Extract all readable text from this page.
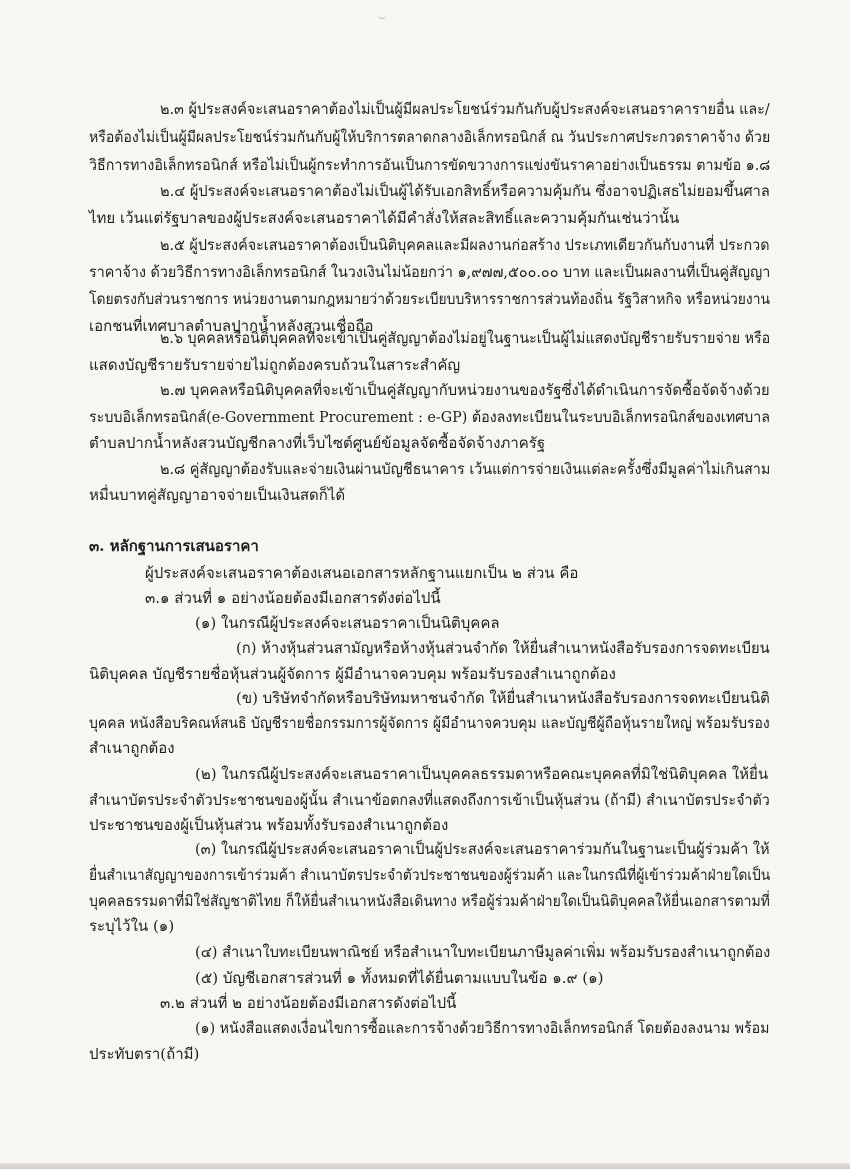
๒.๓ ผู้ประสงค์จะเสนอราคาต้องไม่เป็นผู้มีผลประโยชน์ร่วมกันกับผู้ประสงค์จะเสนอราคารายอื่น และ/
หรือต้องไม่เป็นผู้มีผลประโยชน์ร่วมกันกับผู้ให้บริการตลาดกลางอิเล็กทรอนิกส์ ณ วันประกาศประกวดราคาจ้าง ด้วย
วิธีการทางอิเล็กทรอนิกส์ หรือไม่เป็นผู้กระทำการอันเป็นการขัดขวางการแข่งขันราคาอย่างเป็นธรรม ตามข้อ ๑.๘
๒.๔ ผู้ประสงค์จะเสนอราคาต้องไม่เป็นผู้ได้รับเอกสิทธิ์หรือความคุ้มกัน ซึ่งอาจปฏิเสธไม่ยอมขึ้นศาล
ไทย เว้นแต่รัฐบาลของผู้ประสงค์จะเสนอราคาได้มีคำสั่งให้สละสิทธิ์และความคุ้มกันเช่นว่านั้น
๒.๕ ผู้ประสงค์จะเสนอราคาต้องเป็นนิติบุคคลและมีผลงานก่อสร้าง ประเภทเดียวกันกับงานที่ ประกวด
ราคาจ้าง ด้วยวิธีการทางอิเล็กทรอนิกส์ ในวงเงินไม่น้อยกว่า ๑,๙๗๗,๕๐๐.๐๐ บาท และเป็นผลงานที่เป็นคู่สัญญา
โดยตรงกับส่วนราชการ หน่วยงานตามกฎหมายว่าด้วยระเบียบบริหารราชการส่วนท้องถิ่น รัฐวิสาหกิจ หรือหน่วยงาน
เอกชนที่เทศบาลตำบลปากน้ำหลังสวนเชื่อถือ
๒.๖ บุคคลหรือนิติบุคคลที่จะเข้าเป็นคู่สัญญาต้องไม่อยู่ในฐานะเป็นผู้ไม่แสดงบัญชีรายรับรายจ่าย หรือ
แสดงบัญชีรายรับรายจ่ายไม่ถูกต้องครบถ้วนในสาระสำคัญ
๒.๗ บุคคลหรือนิติบุคคลที่จะเข้าเป็นคู่สัญญากับหน่วยงานของรัฐซึ่งได้ดำเนินการจัดซื้อจัดจ้างด้วย
ระบบอิเล็กทรอนิกส์(e-Government Procurement : e-GP) ต้องลงทะเบียนในระบบอิเล็กทรอนิกส์ของเทศบาล
ตำบลปากน้ำหลังสวนบัญชีกลางที่เว็บไซต์ศูนย์ข้อมูลจัดซื้อจัดจ้างภาครัฐ
๒.๘ คู่สัญญาต้องรับและจ่ายเงินผ่านบัญชีธนาคาร เว้นแต่การจ่ายเงินแต่ละครั้งซึ่งมีมูลค่าไม่เกินสาม
หมื่นบาทคู่สัญญาอาจจ่ายเป็นเงินสดก็ได้
๓. หลักฐานการเสนอราคา
ผู้ประสงค์จะเสนอราคาต้องเสนอเอกสารหลักฐานแยกเป็น ๒ ส่วน คือ
๓.๑ ส่วนที่ ๑ อย่างน้อยต้องมีเอกสารดังต่อไปนี้
(๑) ในกรณีผู้ประสงค์จะเสนอราคาเป็นนิติบุคคล
(ก) ห้างหุ้นส่วนสามัญหรือห้างหุ้นส่วนจำกัด ให้ยื่นสำเนาหนังสือรับรองการจดทะเบียน
นิติบุคคล บัญชีรายชื่อหุ้นส่วนผู้จัดการ ผู้มีอำนาจควบคุม พร้อมรับรองสำเนาถูกต้อง
(ข) บริษัทจำกัดหรือบริษัทมหาชนจำกัด ให้ยื่นสำเนาหนังสือรับรองการจดทะเบียนนิติ
บุคคล หนังสือบริคณห์สนธิ บัญชีรายชื่อกรรมการผู้จัดการ ผู้มีอำนาจควบคุม และบัญชีผู้ถือหุ้นรายใหญ่ พร้อมรับรอง
สำเนาถูกต้อง
(๒) ในกรณีผู้ประสงค์จะเสนอราคาเป็นบุคคลธรรมดาหรือคณะบุคคลที่มิใช่นิติบุคคล ให้ยื่น
สำเนาบัตรประจำตัวประชาชนของผู้นั้น สำเนาข้อตกลงที่แสดงถึงการเข้าเป็นหุ้นส่วน (ถ้ามี) สำเนาบัตรประจำตัว
ประชาชนของผู้เป็นหุ้นส่วน พร้อมทั้งรับรองสำเนาถูกต้อง
(๓) ในกรณีผู้ประสงค์จะเสนอราคาเป็นผู้ประสงค์จะเสนอราคาร่วมกันในฐานะเป็นผู้ร่วมค้า ให้
ยื่นสำเนาสัญญาของการเข้าร่วมค้า สำเนาบัตรประจำตัวประชาชนของผู้ร่วมค้า และในกรณีที่ผู้เข้าร่วมค้าฝ่ายใดเป็น
บุคคลธรรมดาที่มิใช่สัญชาติไทย ก็ให้ยื่นสำเนาหนังสือเดินทาง หรือผู้ร่วมค้าฝ่ายใดเป็นนิติบุคคลให้ยื่นเอกสารตามที่
ระบุไว้ใน (๑)
(๔) สำเนาใบทะเบียนพาณิชย์ หรือสำเนาใบทะเบียนภาษีมูลค่าเพิ่ม พร้อมรับรองสำเนาถูกต้อง
(๕) บัญชีเอกสารส่วนที่ ๑ ทั้งหมดที่ได้ยื่นตามแบบในข้อ ๑.๙ (๑)
๓.๒ ส่วนที่ ๒ อย่างน้อยต้องมีเอกสารดังต่อไปนี้
(๑) หนังสือแสดงเงื่อนไขการซื้อและการจ้างด้วยวิธีการทางอิเล็กทรอนิกส์ โดยต้องลงนาม พร้อม
ประทับตรา(ถ้ามี)
